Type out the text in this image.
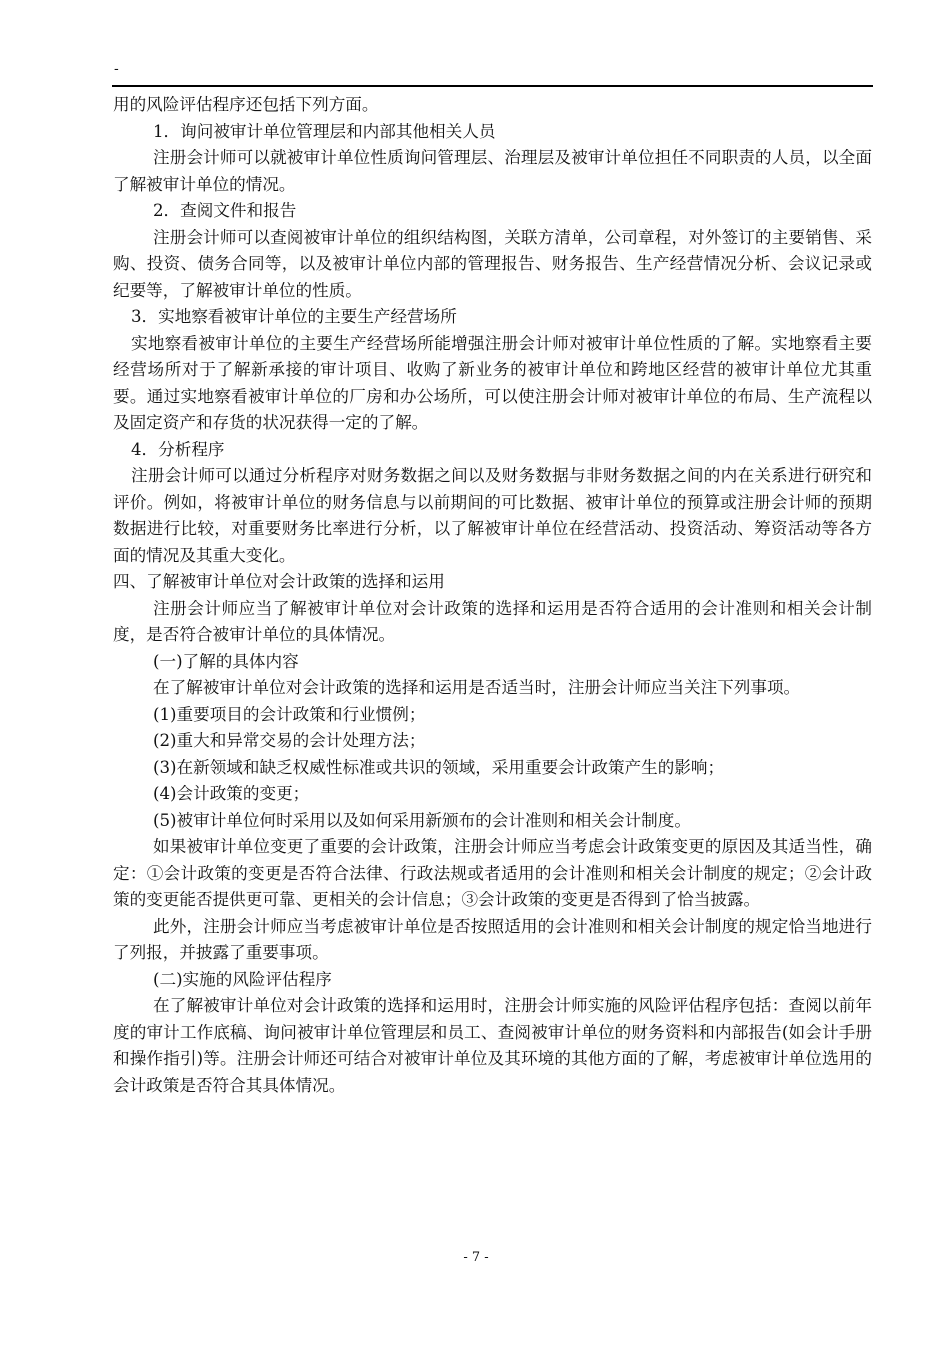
-

用的风险评估程序还包括下列方面。

1．询问被审计单位管理层和内部其他相关人员

注册会计师可以就被审计单位性质询问管理层、治理层及被审计单位担任不同职责的人员，以全面了解被审计单位的情况。

2．查阅文件和报告

注册会计师可以查阅被审计单位的组织结构图，关联方清单，公司章程，对外签订的主要销售、采购、投资、债务合同等，以及被审计单位内部的管理报告、财务报告、生产经营情况分析、会议记录或纪要等，了解被审计单位的性质。

3．实地察看被审计单位的主要生产经营场所

实地察看被审计单位的主要生产经营场所能增强注册会计师对被审计单位性质的了解。实地察看主要经营场所对于了解新承接的审计项目、收购了新业务的被审计单位和跨地区经营的被审计单位尤其重要。通过实地察看被审计单位的厂房和办公场所，可以使注册会计师对被审计单位的布局、生产流程以及固定资产和存货的状况获得一定的了解。

4．分析程序

注册会计师可以通过分析程序对财务数据之间以及财务数据与非财务数据之间的内在关系进行研究和评价。例如，将被审计单位的财务信息与以前期间的可比数据、被审计单位的预算或注册会计师的预期数据进行比较，对重要财务比率进行分析，以了解被审计单位在经营活动、投资活动、筹资活动等各方面的情况及其重大变化。

四、了解被审计单位对会计政策的选择和运用

注册会计师应当了解被审计单位对会计政策的选择和运用是否符合适用的会计准则和相关会计制度，是否符合被审计单位的具体情况。

(一)了解的具体内容

在了解被审计单位对会计政策的选择和运用是否适当时，注册会计师应当关注下列事项。

(1)重要项目的会计政策和行业惯例；

(2)重大和异常交易的会计处理方法；

(3)在新领域和缺乏权威性标准或共识的领域，采用重要会计政策产生的影响；

(4)会计政策的变更；

(5)被审计单位何时采用以及如何采用新颁布的会计准则和相关会计制度。

如果被审计单位变更了重要的会计政策，注册会计师应当考虑会计政策变更的原因及其适当性，确定：①会计政策的变更是否符合法律、行政法规或者适用的会计准则和相关会计制度的规定；②会计政策的变更能否提供更可靠、更相关的会计信息；③会计政策的变更是否得到了恰当披露。

此外，注册会计师应当考虑被审计单位是否按照适用的会计准则和相关会计制度的规定恰当地进行了列报，并披露了重要事项。

(二)实施的风险评估程序

在了解被审计单位对会计政策的选择和运用时，注册会计师实施的风险评估程序包括：查阅以前年度的审计工作底稿、询问被审计单位管理层和员工、查阅被审计单位的财务资料和内部报告(如会计手册和操作指引)等。注册会计师还可结合对被审计单位及其环境的其他方面的了解，考虑被审计单位选用的会计政策是否符合其具体情况。

- 7 -
